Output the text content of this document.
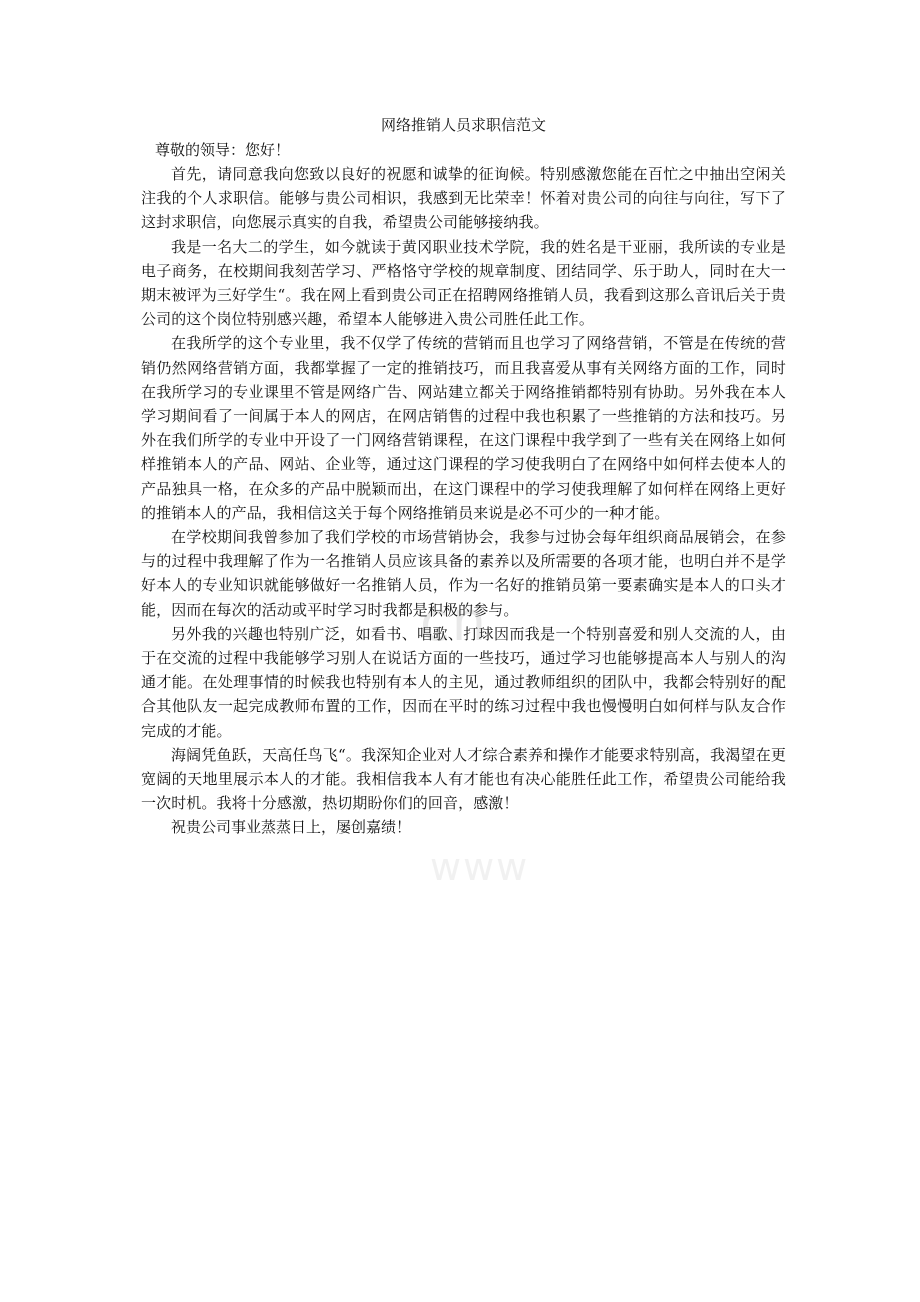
cn
www
网络推销人员求职信范文

尊敬的领导：您好！

首先，请同意我向您致以良好的祝愿和诚挚的征询候。特别感激您能在百忙之中抽出空闲关注我的个人求职信。能够与贵公司相识，我感到无比荣幸！怀着对贵公司的向往与向往，写下了这封求职信，向您展示真实的自我，希望贵公司能够接纳我。

我是一名大二的学生，如今就读于黄冈职业技术学院，我的姓名是干亚丽，我所读的专业是电子商务，在校期间我刻苦学习、严格恪守学校的规章制度、团结同学、乐于助人，同时在大一期末被评为三好学生“。我在网上看到贵公司正在招聘网络推销人员，我看到这那么音讯后关于贵公司的这个岗位特别感兴趣，希望本人能够进入贵公司胜任此工作。

在我所学的这个专业里，我不仅学了传统的营销而且也学习了网络营销，不管是在传统的营销仍然网络营销方面，我都掌握了一定的推销技巧，而且我喜爱从事有关网络方面的工作，同时在我所学习的专业课里不管是网络广告、网站建立都关于网络推销都特别有协助。另外我在本人学习期间看了一间属于本人的网店，在网店销售的过程中我也积累了一些推销的方法和技巧。另外在我们所学的专业中开设了一门网络营销课程，在这门课程中我学到了一些有关在网络上如何样推销本人的产品、网站、企业等，通过这门课程的学习使我明白了在网络中如何样去使本人的产品独具一格，在众多的产品中脱颖而出，在这门课程中的学习使我理解了如何样在网络上更好的推销本人的产品，我相信这关于每个网络推销员来说是必不可少的一种才能。

在学校期间我曾参加了我们学校的市场营销协会，我参与过协会每年组织商品展销会，在参与的过程中我理解了作为一名推销人员应该具备的素养以及所需要的各项才能，也明白并不是学好本人的专业知识就能够做好一名推销人员，作为一名好的推销员第一要素确实是本人的口头才能，因而在每次的活动或平时学习时我都是积极的参与。

另外我的兴趣也特别广泛，如看书、唱歌、打球因而我是一个特别喜爱和别人交流的人，由于在交流的过程中我能够学习别人在说话方面的一些技巧，通过学习也能够提高本人与别人的沟通才能。在处理事情的时候我也特别有本人的主见，通过教师组织的团队中，我都会特别好的配合其他队友一起完成教师布置的工作，因而在平时的练习过程中我也慢慢明白如何样与队友合作完成的才能。

海阔凭鱼跃，天高任鸟飞“。我深知企业对人才综合素养和操作才能要求特别高，我渴望在更宽阔的天地里展示本人的才能。我相信我本人有才能也有决心能胜任此工作，希望贵公司能给我一次时机。我将十分感激，热切期盼你们的回音，感激！

祝贵公司事业蒸蒸日上，屡创嘉绩！
